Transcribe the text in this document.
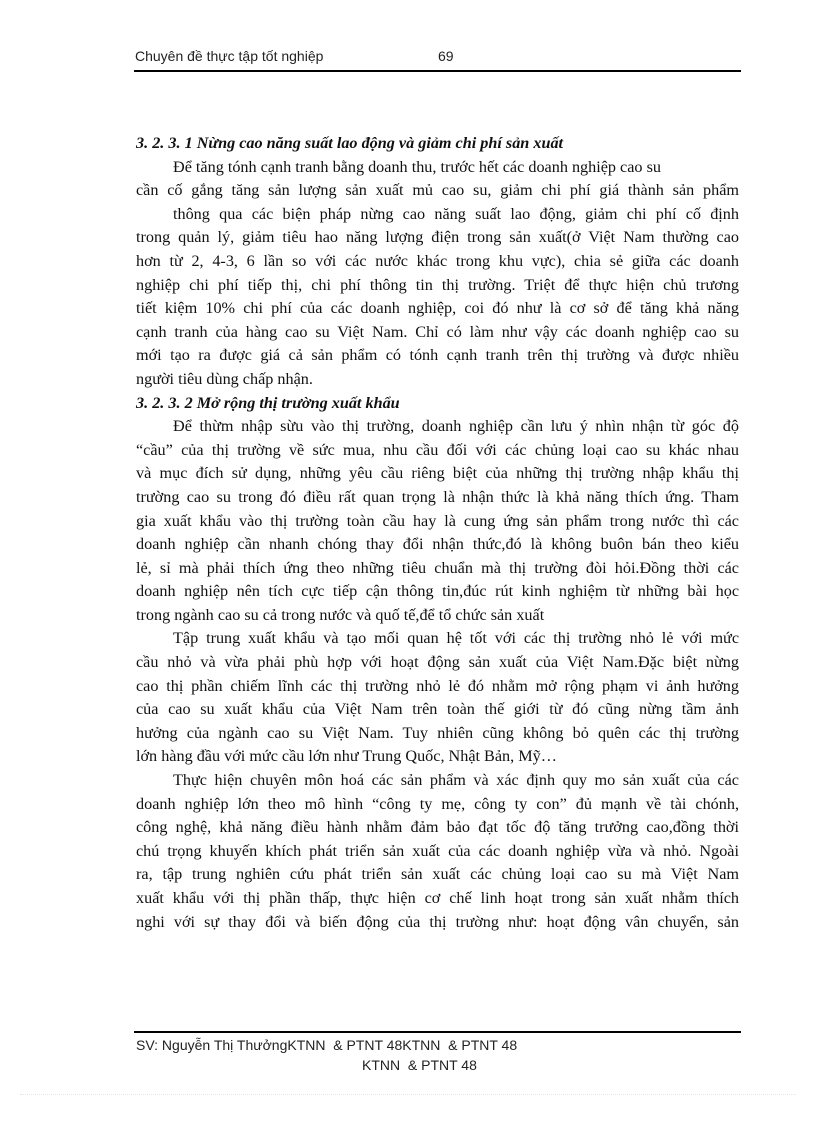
Chuyên đề thực tập tốt nghiệp	69
3. 2. 3. 1 Nừng cao năng suất lao động và giảm chi phí sản xuất
Để tăng tónh cạnh tranh bằng doanh thu, trước hết các doanh nghiệp cao su
cần cố gắng tăng sản lượng sản xuất mủ cao su, giảm chi phí giá thành sản phẩm
thông qua các biện pháp nừng cao năng suất lao động, giảm chi phí cố định
trong quản lý, giảm tiêu hao năng lượng điện trong sản xuất(ở Việt Nam thường cao
hơn từ 2, 4-3, 6 lần so với các nước khác trong khu vực), chia sẻ giữa các doanh
nghiệp chi phí tiếp thị, chi phí thông tin thị trường. Triệt để thực hiện chủ trương
tiết kiệm 10% chi phí của các doanh nghiệp, coi đó như là cơ sở để tăng khả năng
cạnh tranh của hàng cao su Việt Nam. Chỉ có làm như vậy các doanh nghiệp cao su
mới tạo ra được giá cả sản phẩm có tónh cạnh tranh trên thị trường và được nhiều
người tiêu dùng chấp nhận.
3. 2. 3. 2 Mở rộng thị trường xuất khẩu
Để thừm nhập sừu vào thị trường, doanh nghiệp cần lưu ý nhìn nhận từ góc độ
“cầu” của thị trường về sức mua, nhu cầu đối với các chủng loại cao su khác nhau
và mục đích sử dụng, những yêu cầu riêng biệt của những thị trường nhập khẩu thị
trường cao su trong đó điều rất quan trọng là nhận thức là khả năng thích ứng. Tham
gia xuất khẩu vào thị trường toàn cầu hay là cung ứng sản phẩm trong nước thì các
doanh nghiệp cần nhanh chóng thay đổi nhận thức,đó là không buôn bán theo kiểu
lẻ, sỉ mà phải thích ứng theo những tiêu chuẩn mà thị trường đòi hỏi.Đồng thời các
doanh nghiệp nên tích cực tiếp cận thông tin,đúc rút kinh nghiệm từ những bài học
trong ngành cao su cả trong nước và quố tế,để tổ chức sản xuất
Tập trung xuất khẩu và tạo mối quan hệ tốt với các thị trường nhỏ lẻ với mức
cầu nhỏ và vừa phải phù hợp với hoạt động sản xuất của Việt Nam.Đặc biệt nừng
cao thị phần chiếm lĩnh các thị trường nhỏ lẻ đó nhằm mở rộng phạm vi ảnh hưởng
của cao su xuất khẩu của Việt Nam trên toàn thế giới từ đó cũng nừng tầm ảnh
hưởng của ngành cao su Việt Nam. Tuy nhiên cũng không bỏ quên các thị trường
lớn hàng đầu với mức cầu lớn như Trung Quốc, Nhật Bản, Mỹ…
Thực hiện chuyên môn hoá các sản phẩm và xác định quy mo sản xuất của các
doanh nghiệp lớn theo mô hình “công ty mẹ, công ty con” đủ mạnh về tài chónh,
công nghệ, khả năng điều hành nhằm đảm bảo đạt tốc độ tăng trưởng cao,đồng thời
chú trọng khuyến khích phát triển sản xuất của các doanh nghiệp vừa và nhỏ. Ngoài
ra, tập trung nghiên cứu phát triển sản xuất các chủng loại cao su mà Việt Nam
xuất khẩu với thị phần thấp, thực hiện cơ chế linh hoạt trong sản xuất nhằm thích
nghi với sự thay đổi và biến động của thị trường như: hoạt động vân chuyển, sản
SV: Nguyễn Thị ThưởngKTNN  & PTNT 48KTNN  & PTNT 48
KTNN  & PTNT 48
